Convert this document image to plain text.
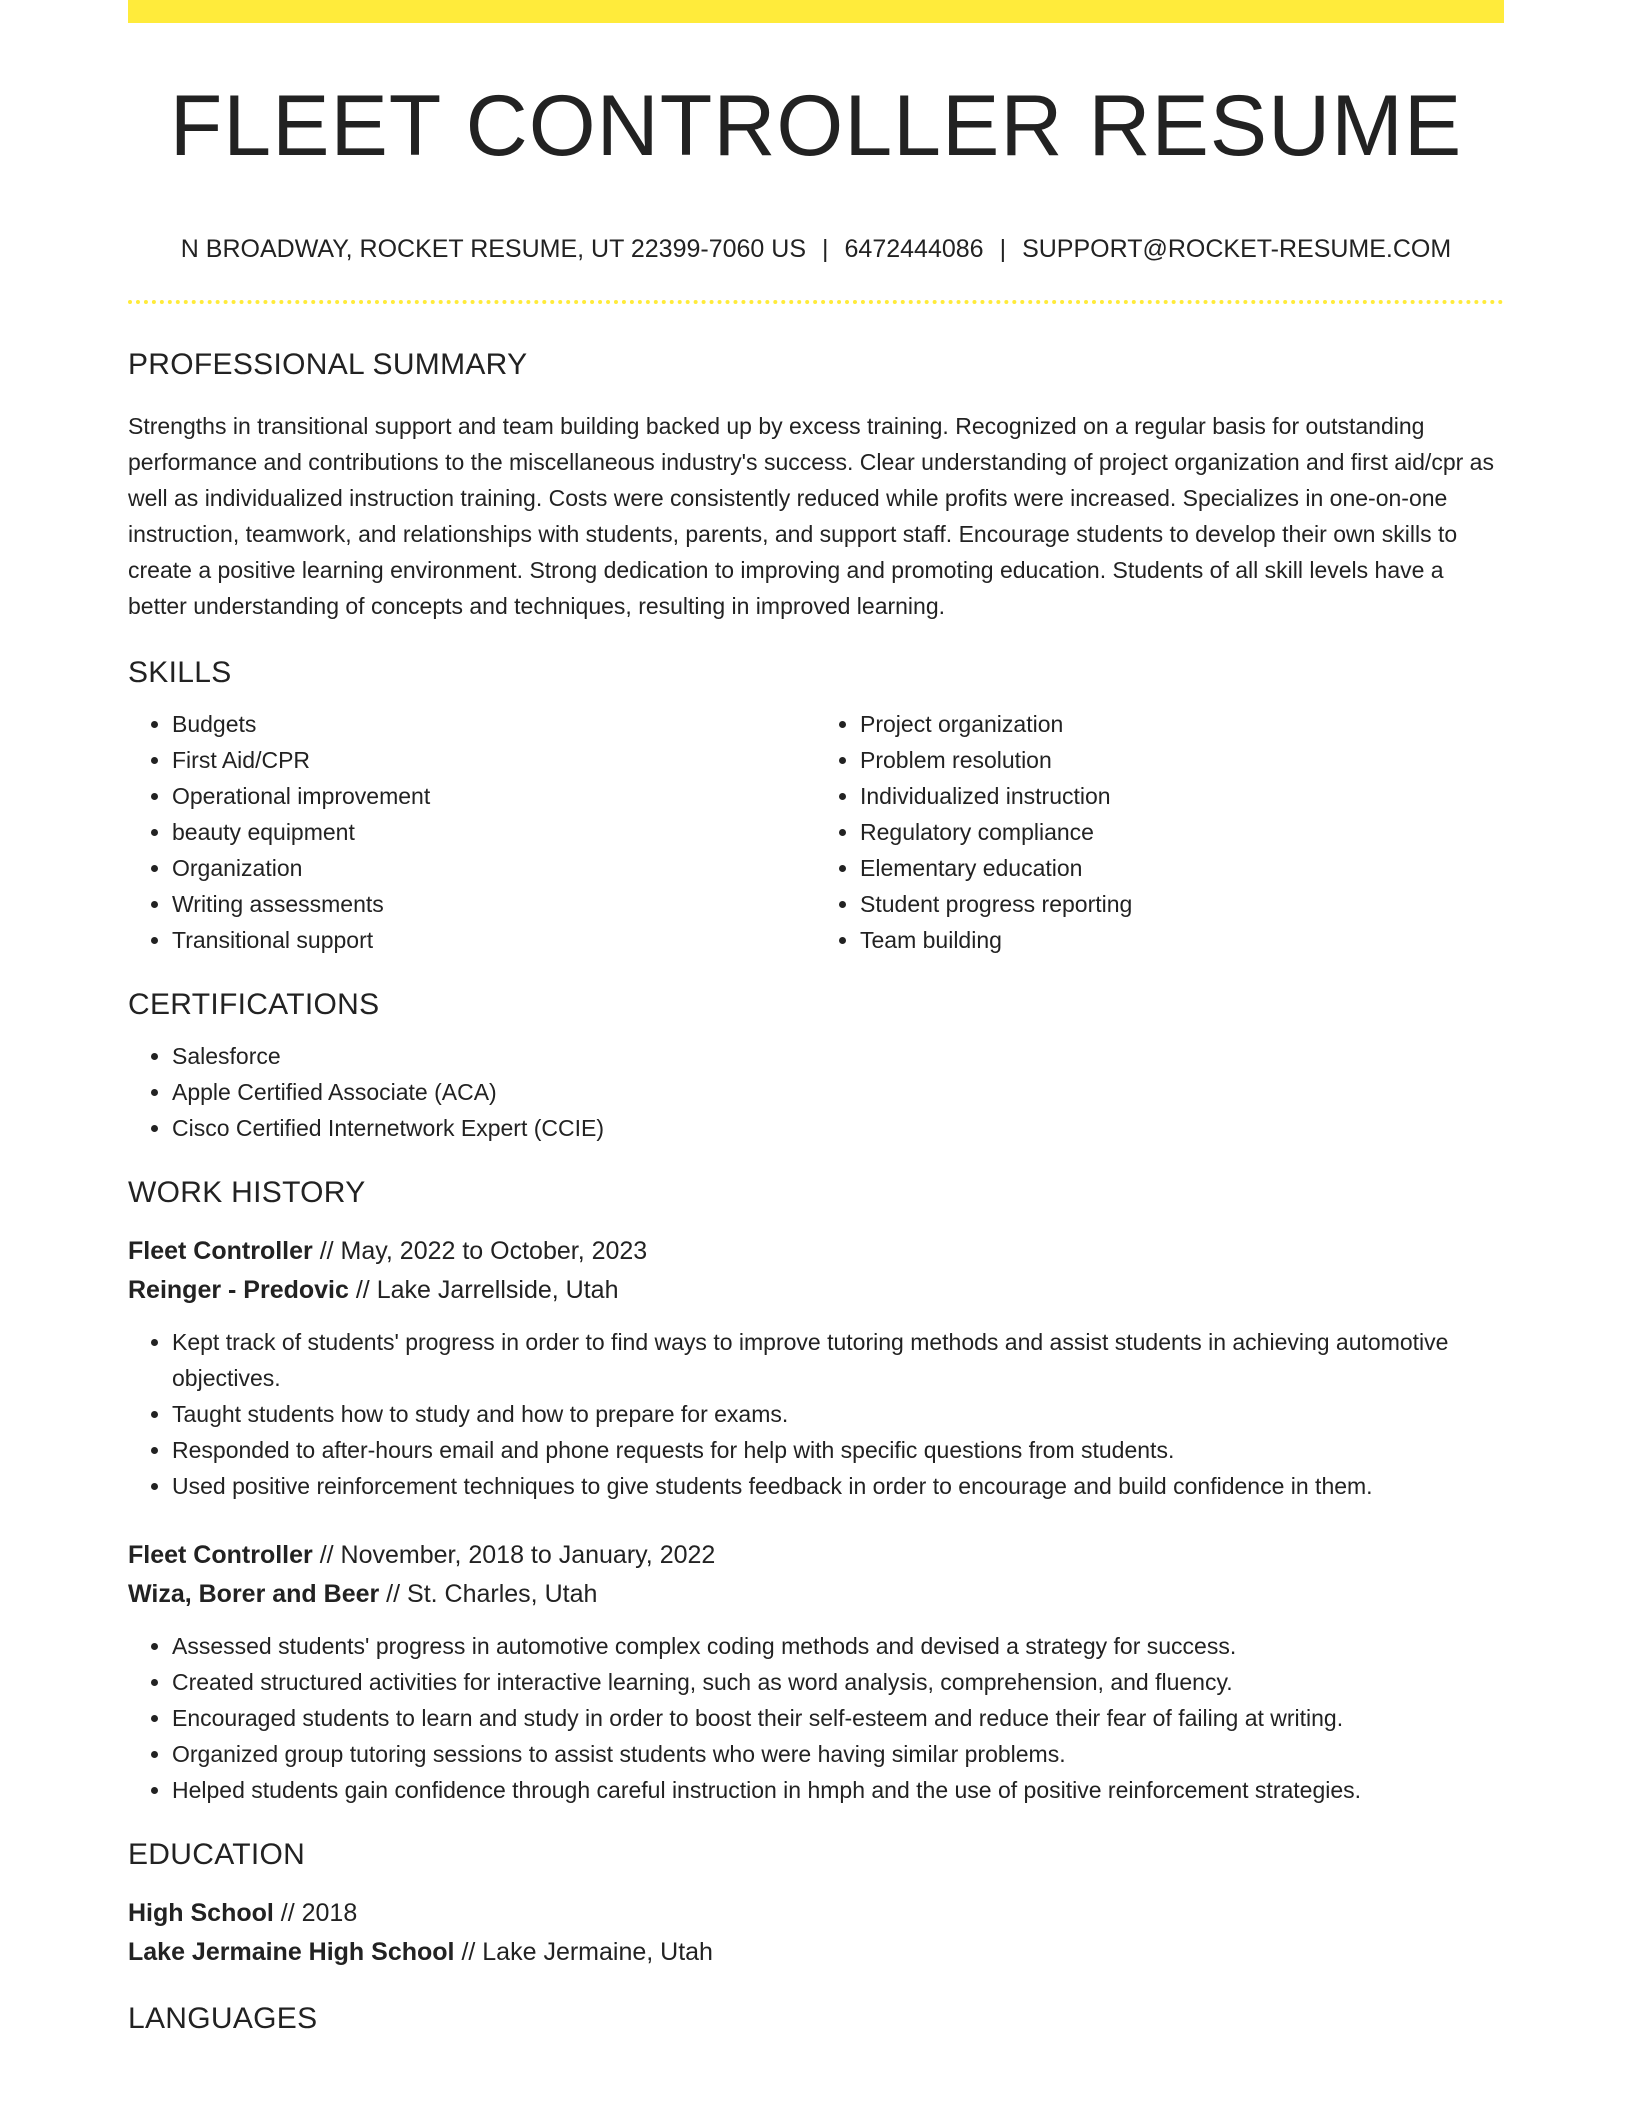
FLEET CONTROLLER RESUME
N BROADWAY, ROCKET RESUME, UT 22399-7060 US | 6472444086 | SUPPORT@ROCKET-RESUME.COM
PROFESSIONAL SUMMARY
Strengths in transitional support and team building backed up by excess training. Recognized on a regular basis for outstanding performance and contributions to the miscellaneous industry's success. Clear understanding of project organization and first aid/cpr as well as individualized instruction training. Costs were consistently reduced while profits were increased. Specializes in one-on-one instruction, teamwork, and relationships with students, parents, and support staff. Encourage students to develop their own skills to create a positive learning environment. Strong dedication to improving and promoting education. Students of all skill levels have a better understanding of concepts and techniques, resulting in improved learning.
SKILLS
• Budgets
• First Aid/CPR
• Operational improvement
• beauty equipment
• Organization
• Writing assessments
• Transitional support
• Project organization
• Problem resolution
• Individualized instruction
• Regulatory compliance
• Elementary education
• Student progress reporting
• Team building
CERTIFICATIONS
• Salesforce
• Apple Certified Associate (ACA)
• Cisco Certified Internetwork Expert (CCIE)
WORK HISTORY
Fleet Controller // May, 2022 to October, 2023
Reinger - Predovic // Lake Jarrellside, Utah
• Kept track of students' progress in order to find ways to improve tutoring methods and assist students in achieving automotive objectives.
• Taught students how to study and how to prepare for exams.
• Responded to after-hours email and phone requests for help with specific questions from students.
• Used positive reinforcement techniques to give students feedback in order to encourage and build confidence in them.
Fleet Controller // November, 2018 to January, 2022
Wiza, Borer and Beer // St. Charles, Utah
• Assessed students' progress in automotive complex coding methods and devised a strategy for success.
• Created structured activities for interactive learning, such as word analysis, comprehension, and fluency.
• Encouraged students to learn and study in order to boost their self-esteem and reduce their fear of failing at writing.
• Organized group tutoring sessions to assist students who were having similar problems.
• Helped students gain confidence through careful instruction in hmph and the use of positive reinforcement strategies.
EDUCATION
High School // 2018
Lake Jermaine High School // Lake Jermaine, Utah
LANGUAGES
